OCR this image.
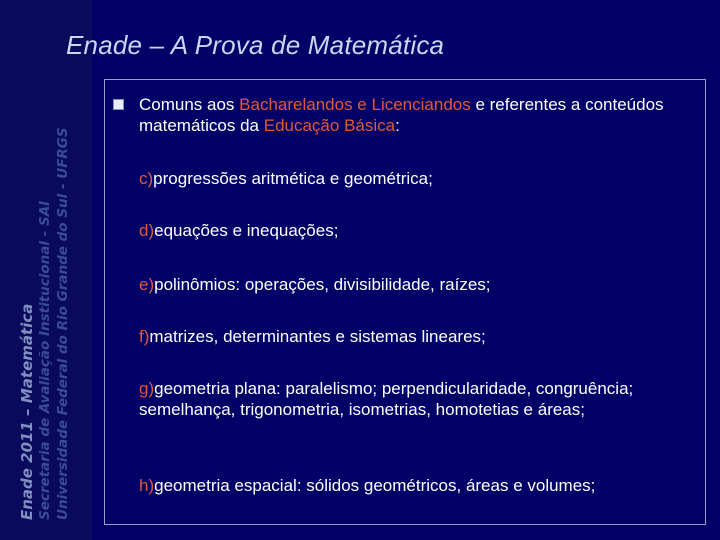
Enade 2011 – Matemática Secretaria de Avaliação Institucional - SAI Universidade Federal do Rio Grande do Sul - UFRGS
Enade – A Prova de Matemática
Comuns aos Bacharelandos e Licenciandos e referentes a conteúdos matemáticos da Educação Básica:
c)progressões aritmética e geométrica;
d)equações e inequações;
e)polinômios: operações, divisibilidade, raízes;
f)matrizes, determinantes e sistemas lineares;
g)geometria plana: paralelismo; perpendicularidade, congruência; semelhança, trigonometria, isometrias, homotetias e áreas;
h)geometria espacial: sólidos geométricos, áreas e volumes;
